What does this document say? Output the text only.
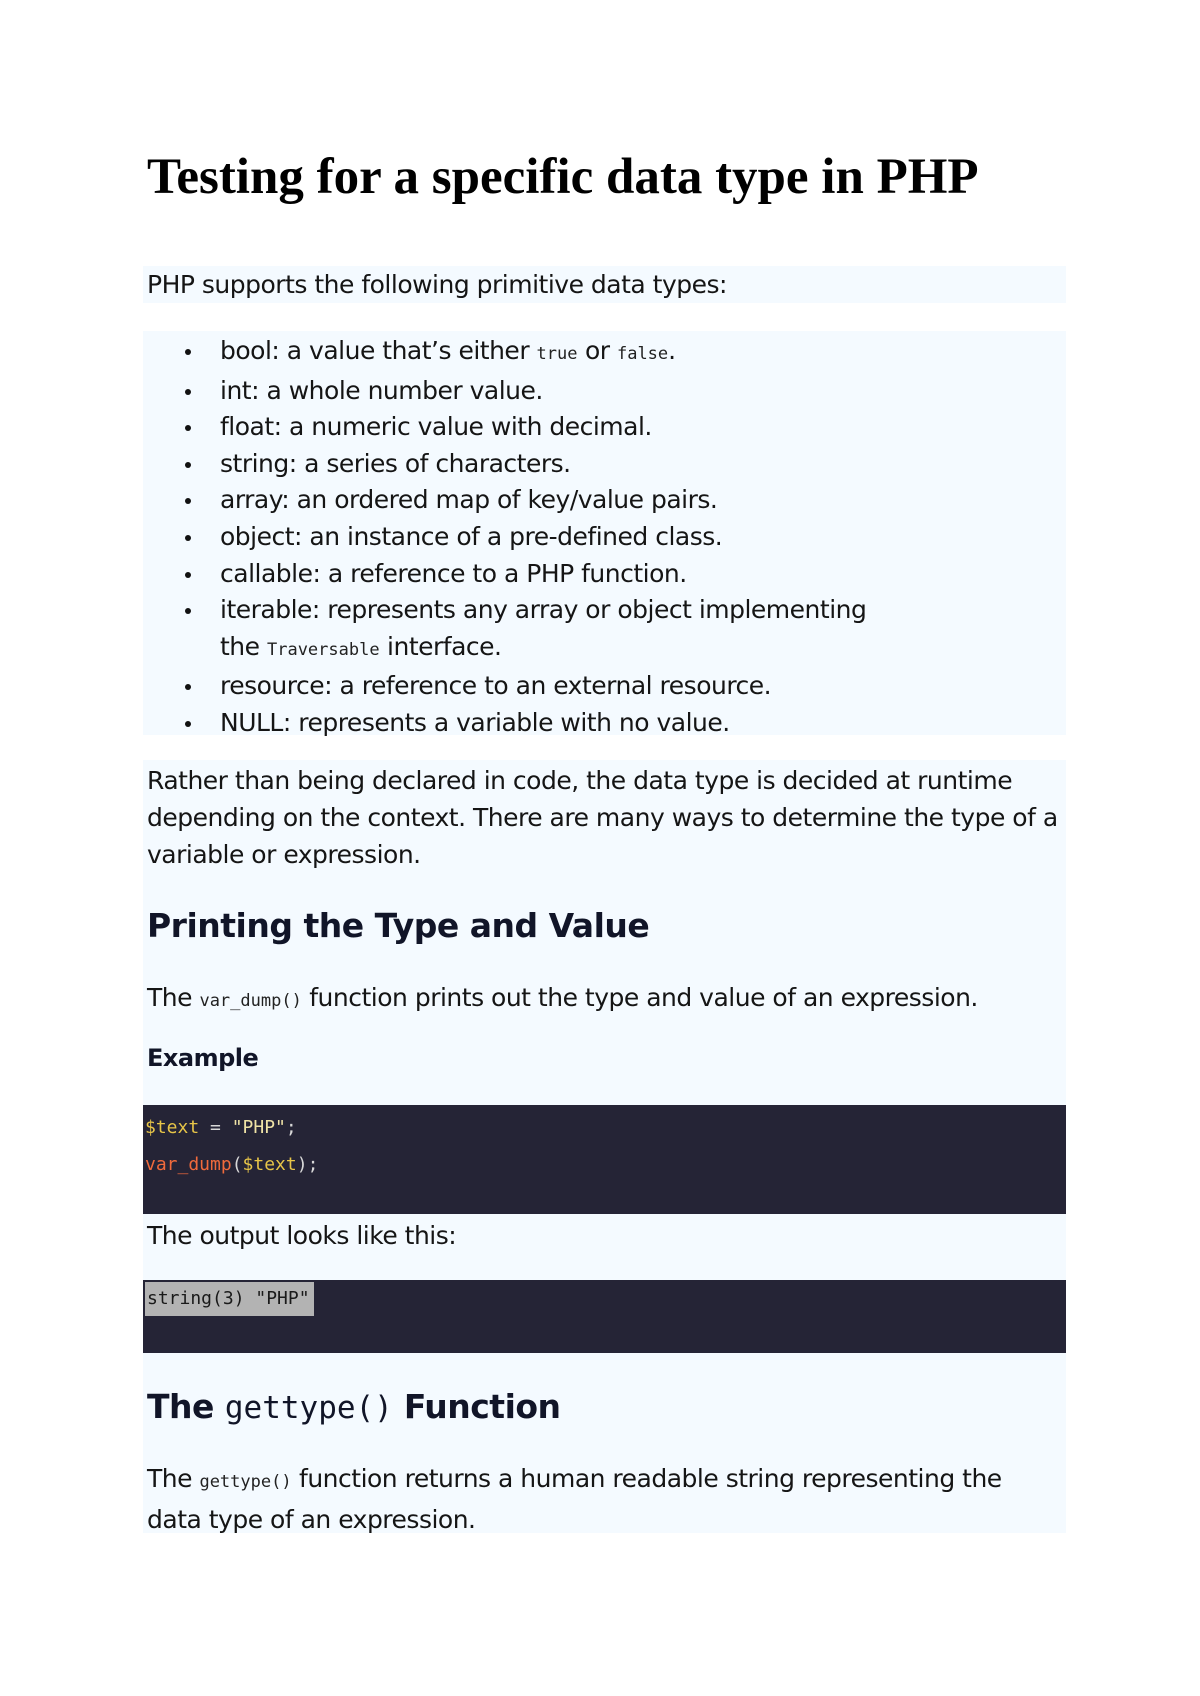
Testing for a specific data type in PHP

PHP supports the following primitive data types:

bool: a value that’s either true or false.
int: a whole number value.
float: a numeric value with decimal.
string: a series of characters.
array: an ordered map of key/value pairs.
object: an instance of a pre-defined class.
callable: a reference to a PHP function.
iterable: represents any array or object implementing
the Traversable interface.
resource: a reference to an external resource.
NULL: represents a variable with no value.

Rather than being declared in code, the data type is decided at runtime depending on the context. There are many ways to determine the type of a variable or expression.

Printing the Type and Value

The var_dump() function prints out the type and value of an expression.

Example
$text = "PHP";
var_dump($text);

The output looks like this:

string(3) "PHP"
The gettype() Function

The gettype() function returns a human readable string representing the data type of an expression.
